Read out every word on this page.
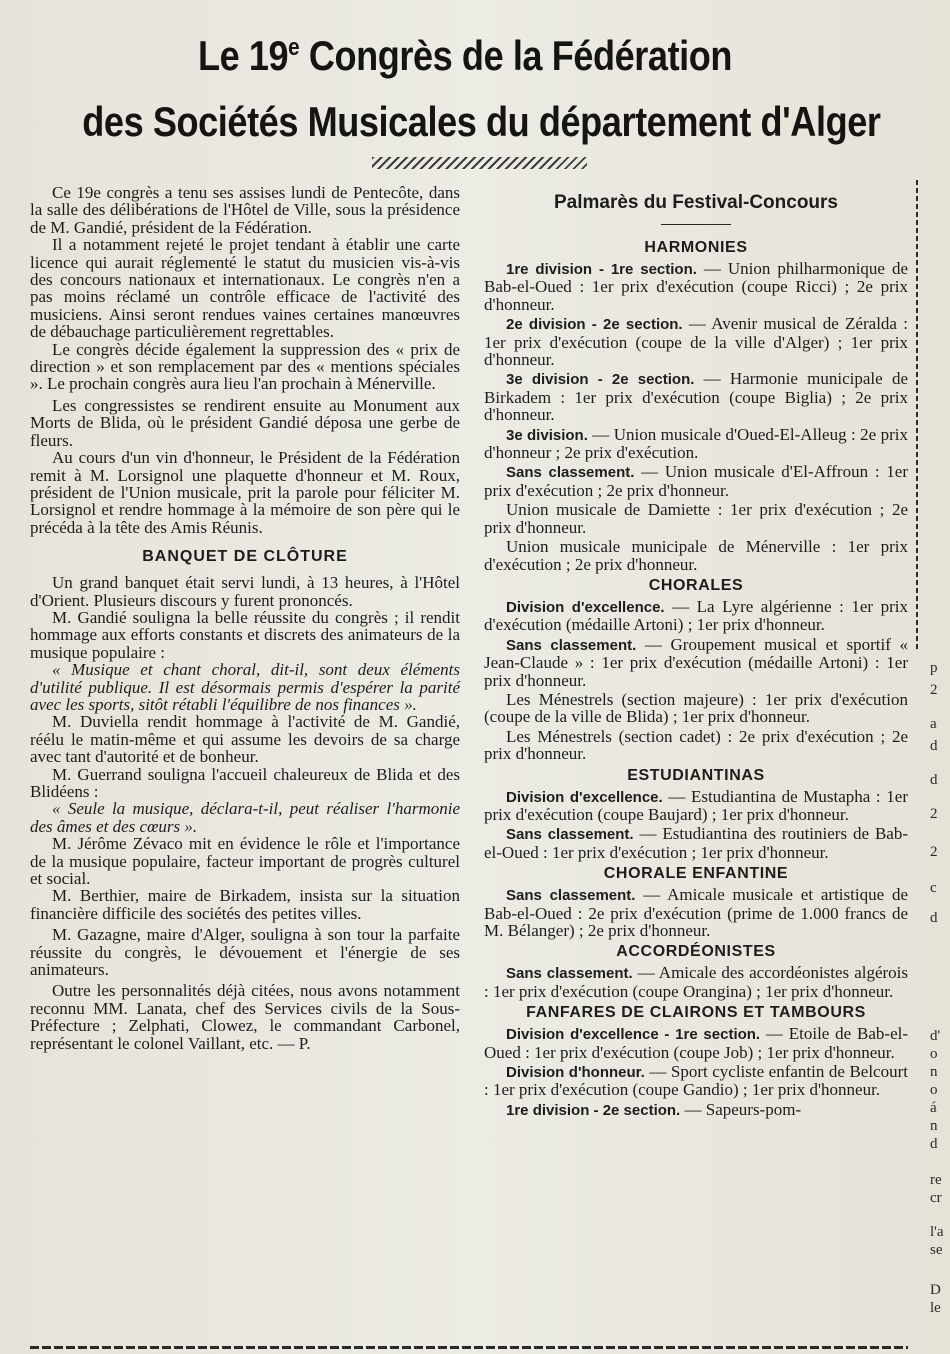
Le 19e Congrès de la Fédération
des Sociétés Musicales du département d'Alger

Ce 19e congrès a tenu ses assises lundi de Pentecôte, dans la salle des délibérations de l'Hôtel de Ville, sous la présidence de M. Gandié, président de la Fédération.

Il a notamment rejeté le projet tendant à établir une carte licence qui aurait réglementé le statut du musicien vis-à-vis des concours nationaux et internationaux. Le congrès n'en a pas moins réclamé un contrôle efficace de l'activité des musiciens. Ainsi seront rendues vaines certaines manœuvres de débauchage particulièrement regrettables.

Le congrès décide également la suppression des « prix de direction » et son remplacement par des « mentions spéciales ». Le prochain congrès aura lieu l'an prochain à Ménerville.

Les congressistes se rendirent ensuite au Monument aux Morts de Blida, où le président Gandié déposa une gerbe de fleurs.

Au cours d'un vin d'honneur, le Président de la Fédération remit à M. Lorsignol une plaquette d'honneur et M. Roux, président de l'Union musicale, prit la parole pour féliciter M. Lorsignol et rendre hommage à la mémoire de son père qui le précéda à la tête des Amis Réunis.

BANQUET DE CLÔTURE

Un grand banquet était servi lundi, à 13 heures, à l'Hôtel d'Orient. Plusieurs discours y furent prononcés.

M. Gandié souligna la belle réussite du congrès ; il rendit hommage aux efforts constants et discrets des animateurs de la musique populaire :

« Musique et chant choral, dit-il, sont deux éléments d'utilité publique. Il est désormais permis d'espérer la parité avec les sports, sitôt rétabli l'équilibre de nos finances ».

M. Duviella rendit hommage à l'activité de M. Gandié, réélu le matin-même et qui assume les devoirs de sa charge avec tant d'autorité et de bonheur.

M. Guerrand souligna l'accueil chaleureux de Blida et des Blidéens :

« Seule la musique, déclara-t-il, peut réaliser l'harmonie des âmes et des cœurs ».

M. Jérôme Zévaco mit en évidence le rôle et l'importance de la musique populaire, facteur important de progrès culturel et social.

M. Berthier, maire de Birkadem, insista sur la situation financière difficile des sociétés des petites villes.

M. Gazagne, maire d'Alger, souligna à son tour la parfaite réussite du congrès, le dévouement et l'énergie de ses animateurs.

Outre les personnalités déjà citées, nous avons notamment reconnu MM. Lanata, chef des Services civils de la Sous-Préfecture ; Zelphati, Clowez, le commandant Carbonel, représentant le colonel Vaillant, etc. — P.

Palmarès du Festival-Concours
HARMONIES
1re division - 1re section. — Union philharmonique de Bab-el-Oued : 1er prix d'exécution (coupe Ricci) ; 2e prix d'honneur.
2e division - 2e section. — Avenir musical de Zéralda : 1er prix d'exécution (coupe de la ville d'Alger) ; 1er prix d'honneur.
3e division - 2e section. — Harmonie municipale de Birkadem : 1er prix d'exécution (coupe Biglia) ; 2e prix d'honneur.
3e division. — Union musicale d'Oued-El-Alleug : 2e prix d'honneur ; 2e prix d'exécution.
Sans classement. — Union musicale d'El-Affroun : 1er prix d'exécution ; 2e prix d'honneur.
Union musicale de Damiette : 1er prix d'exécution ; 2e prix d'honneur.
Union musicale municipale de Ménerville : 1er prix d'exécution ; 2e prix d'honneur.
CHORALES
Division d'excellence. — La Lyre algérienne : 1er prix d'exécution (médaille Artoni) ; 1er prix d'honneur.
Sans classement. — Groupement musical et sportif « Jean-Claude » : 1er prix d'exécution (médaille Artoni) : 1er prix d'honneur.
Les Ménestrels (section majeure) : 1er prix d'exécution (coupe de la ville de Blida) ; 1er prix d'honneur.
Les Ménestrels (section cadet) : 2e prix d'exécution ; 2e prix d'honneur.
ESTUDIANTINAS
Division d'excellence. — Estudiantina de Mustapha : 1er prix d'exécution (coupe Baujard) ; 1er prix d'honneur.
Sans classement. — Estudiantina des routiniers de Bab-el-Oued : 1er prix d'exécution ; 1er prix d'honneur.
CHORALE ENFANTINE
Sans classement. — Amicale musicale et artistique de Bab-el-Oued : 2e prix d'exécution (prime de 1.000 francs de M. Bélanger) ; 2e prix d'honneur.
ACCORDÉONISTES
Sans classement. — Amicale des accordéonistes algérois : 1er prix d'exécution (coupe Orangina) ; 1er prix d'honneur.
FANFARES DE CLAIRONS ET TAMBOURS
Division d'excellence - 1re section. — Etoile de Bab-el-Oued : 1er prix d'exécution (coupe Job) ; 1er prix d'honneur.
Division d'honneur. — Sport cycliste enfantin de Belcourt : 1er prix d'exécution (coupe Gandio) ; 1er prix d'honneur.
1re division - 2e section. — Sapeurs-pom-
p
2
a
d
d
2
2
c
d
d'
o
n
o
á
n
d
re
cr
l'a
se
D
le
